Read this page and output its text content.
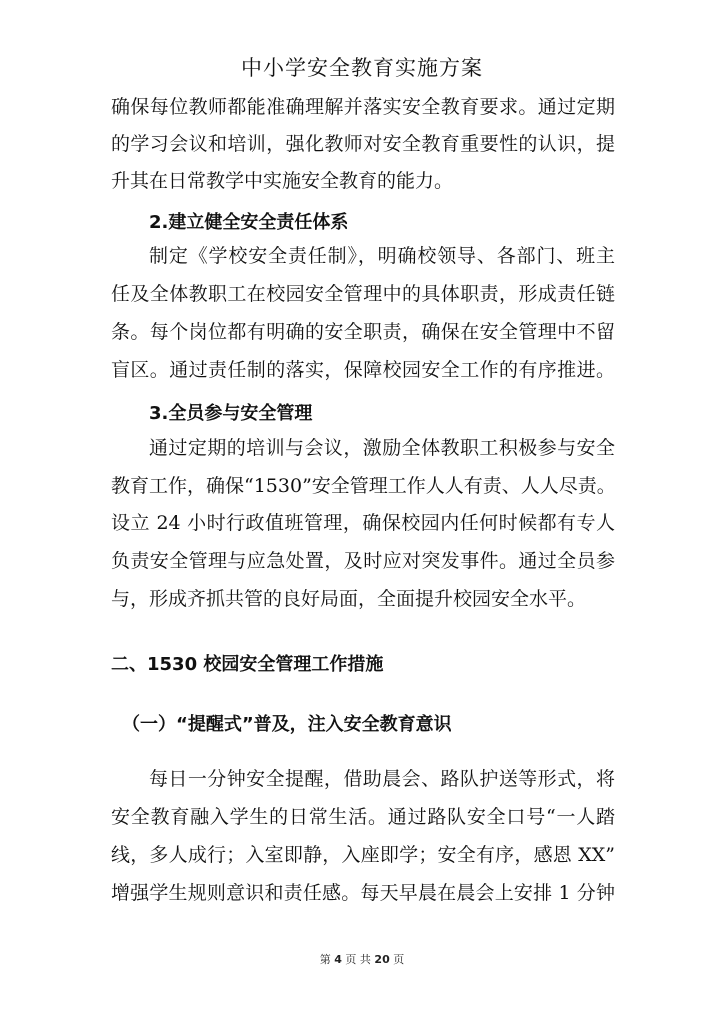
中小学安全教育实施方案
确保每位教师都能准确理解并落实安全教育要求。通过定期
的学习会议和培训，强化教师对安全教育重要性的认识，提
升其在日常教学中实施安全教育的能力。
2.建立健全安全责任体系
制定《学校安全责任制》，明确校领导、各部门、班主
任及全体教职工在校园安全管理中的具体职责，形成责任链
条。每个岗位都有明确的安全职责，确保在安全管理中不留
盲区。通过责任制的落实，保障校园安全工作的有序推进。
3.全员参与安全管理
通过定期的培训与会议，激励全体教职工积极参与安全
教育工作，确保“1530”安全管理工作人人有责、人人尽责。
设立 24 小时行政值班管理，确保校园内任何时候都有专人
负责安全管理与应急处置，及时应对突发事件。通过全员参
与，形成齐抓共管的良好局面，全面提升校园安全水平。
二、1530 校园安全管理工作措施
（一）“提醒式”普及，注入安全教育意识
每日一分钟安全提醒，借助晨会、路队护送等形式，将
安全教育融入学生的日常生活。通过路队安全口号“一人踏
线，多人成行；入室即静，入座即学；安全有序，感恩 XX”
增强学生规则意识和责任感。每天早晨在晨会上安排 1 分钟
第 4 页 共 20 页
